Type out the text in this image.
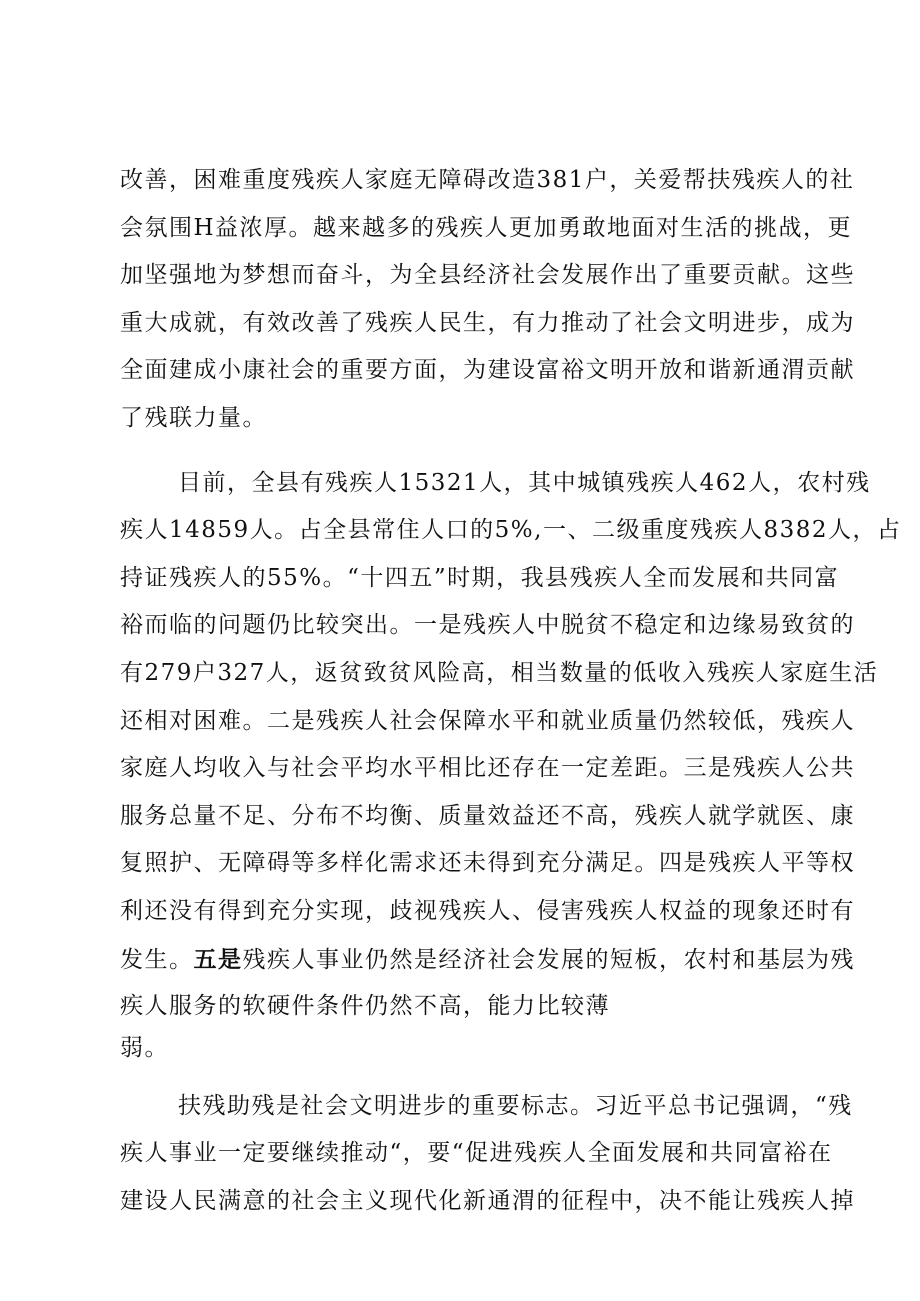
改善，困难重度残疾人家庭无障碍改造381户，关爱帮扶残疾人的社
会氛围H益浓厚。越来越多的残疾人更加勇敢地面对生活的挑战，更
加坚强地为梦想而奋斗，为全县经济社会发展作出了重要贡献。这些
重大成就，有效改善了残疾人民生，有力推动了社会文明进步，成为
全面建成小康社会的重要方面，为建设富裕文明开放和谐新通渭贡献
了残联力量。
目前，全县有残疾人15321人，其中城镇残疾人462人，农村残
疾人14859人。占全县常住人口的5%,一、二级重度残疾人8382人，占
持证残疾人的55%。“十四五”时期，我县残疾人全而发展和共同富
裕而临的问题仍比较突出。一是残疾人中脱贫不稳定和边缘易致贫的
有279户327人，返贫致贫风险高，相当数量的低收入残疾人家庭生活
还相对困难。二是残疾人社会保障水平和就业质量仍然较低，残疾人
家庭人均收入与社会平均水平相比还存在一定差距。三是残疾人公共
服务总量不足、分布不均衡、质量效益还不高，残疾人就学就医、康
复照护、无障碍等多样化需求还未得到充分满足。四是残疾人平等权
利还没有得到充分实现，歧视残疾人、侵害残疾人权益的现象还时有
发生。五是残疾人事业仍然是经济社会发展的短板，农村和基层为残
疾人服务的软硬件条件仍然不高，能力比较薄
弱。
扶残助残是社会文明进步的重要标志。习近平总书记强调，“残
疾人事业一定要继续推动“，要“促进残疾人全面发展和共同富裕在
建设人民满意的社会主义现代化新通渭的征程中，决不能让残疾人掉
